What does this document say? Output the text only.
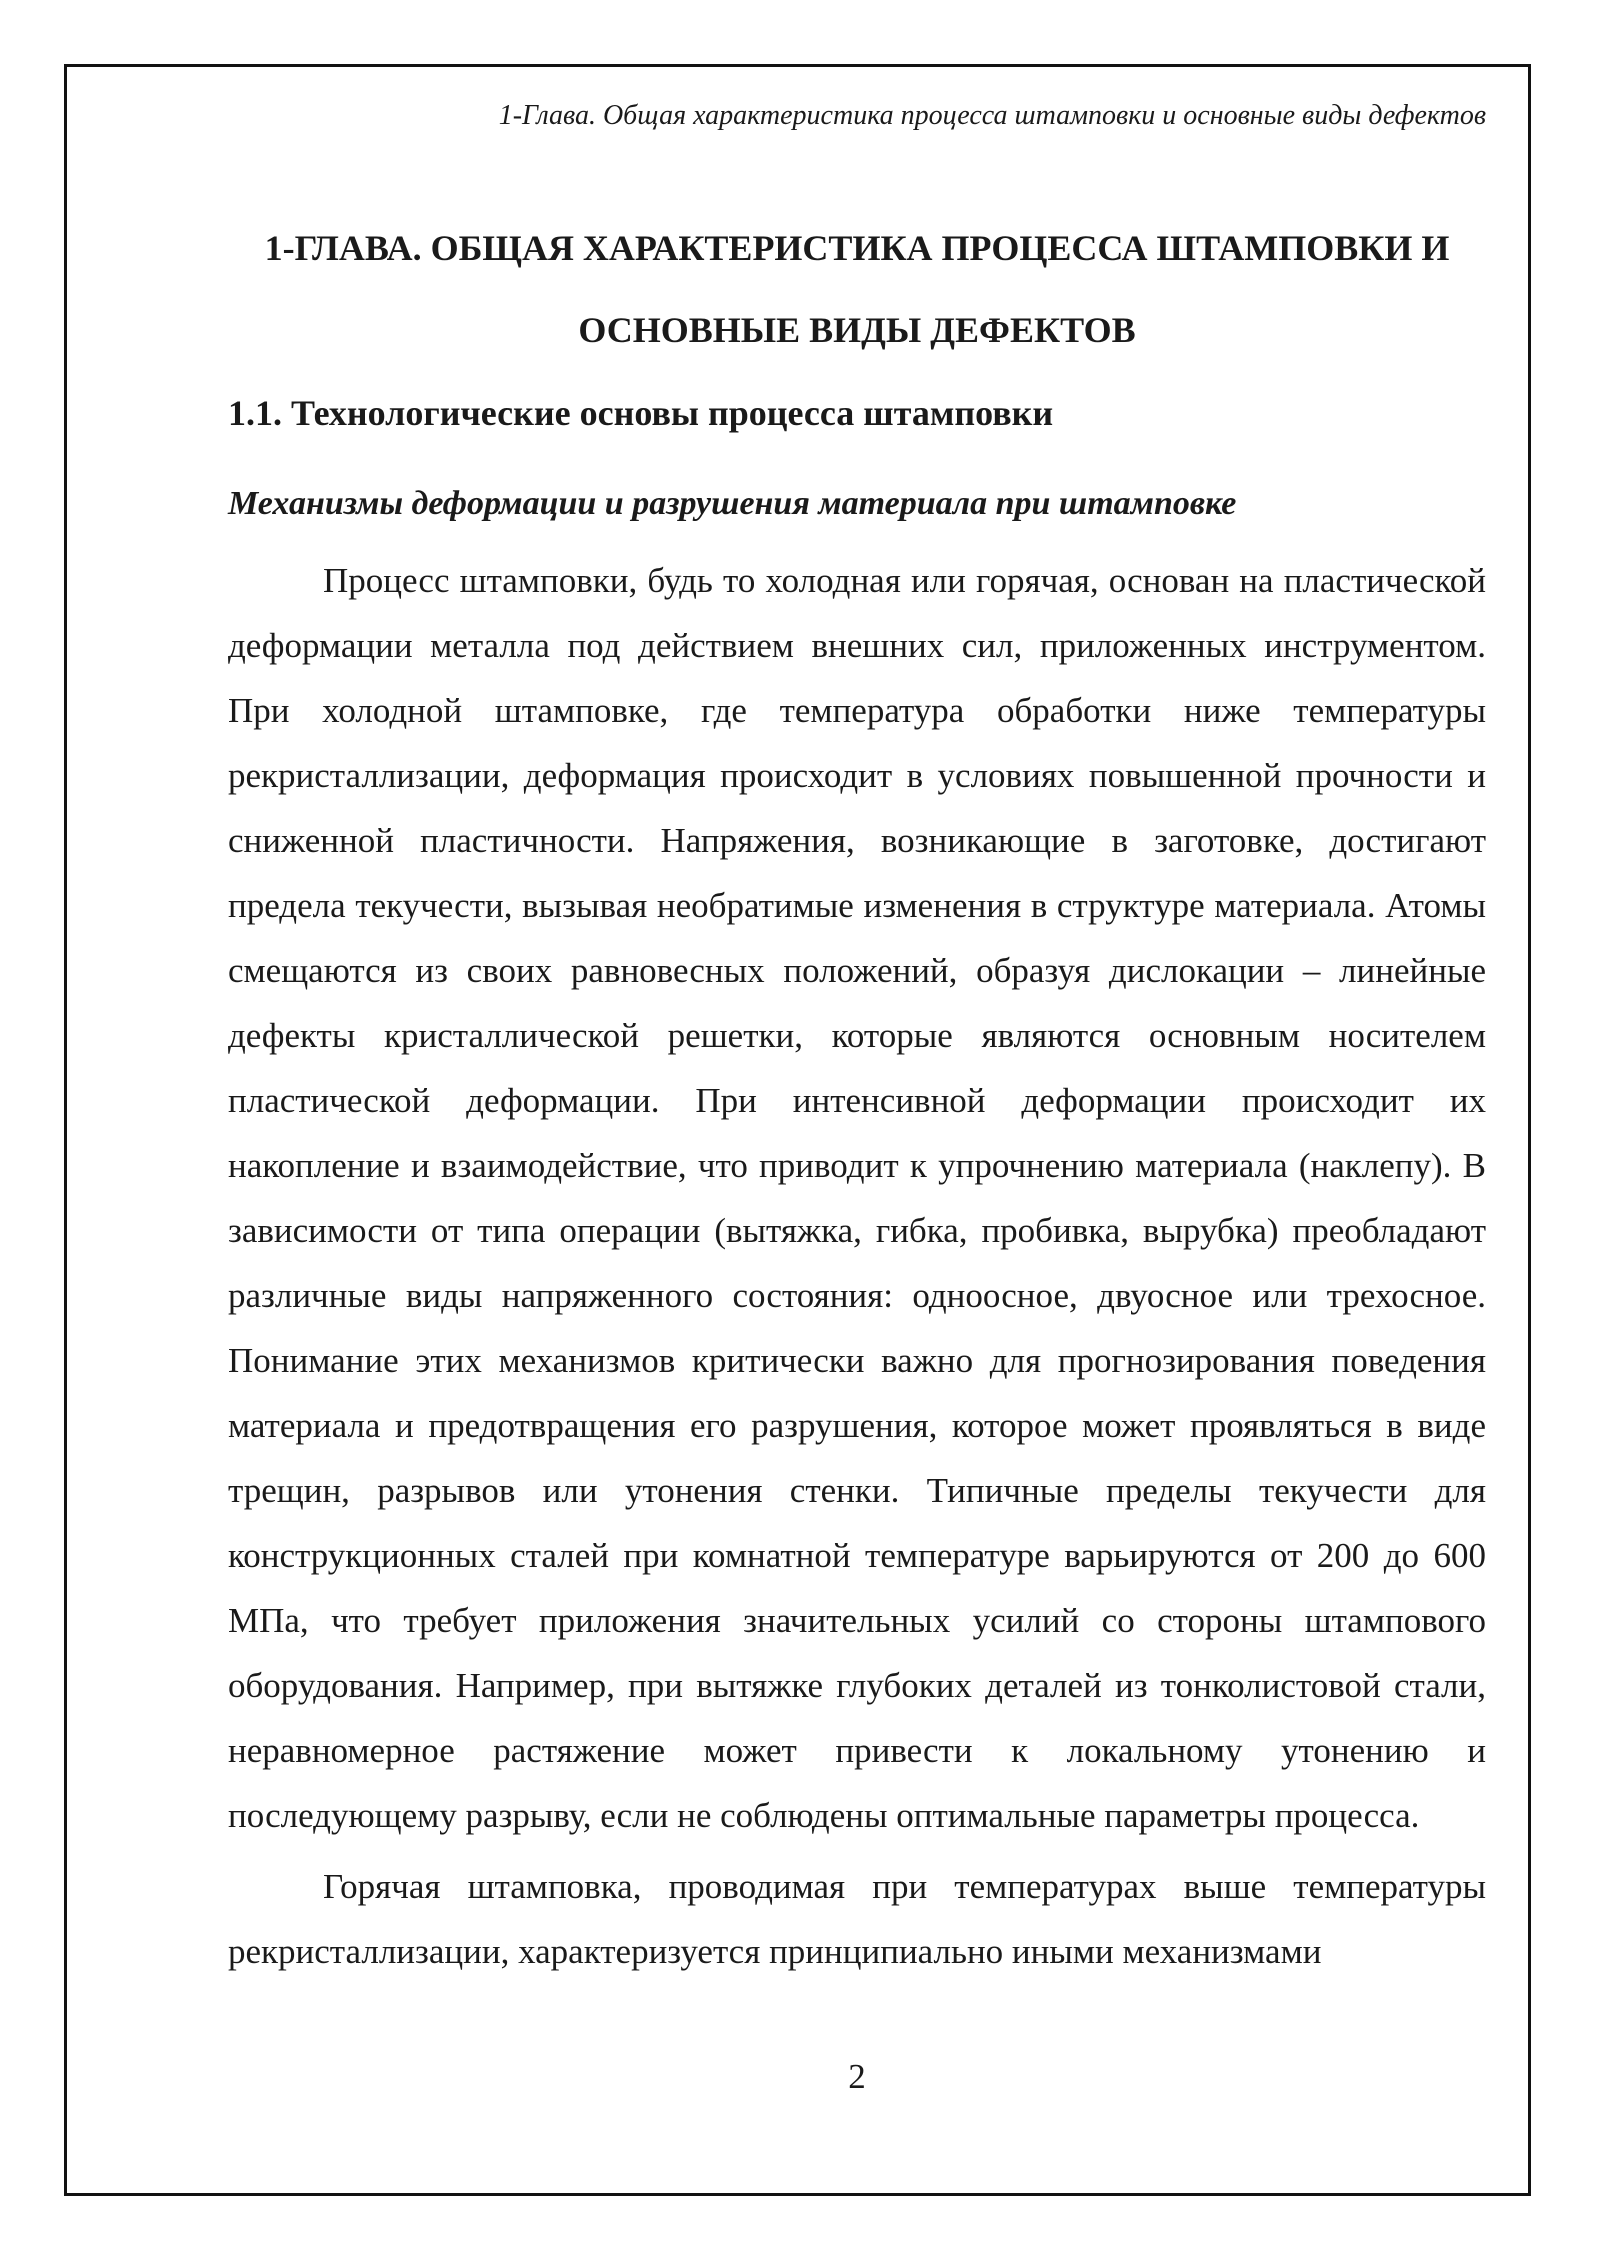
1-Глава. Общая характеристика процесса штамповки и основные виды дефектов
1-ГЛАВА. ОБЩАЯ ХАРАКТЕРИСТИКА ПРОЦЕССА ШТАМПОВКИ И ОСНОВНЫЕ ВИДЫ ДЕФЕКТОВ
1.1. Технологические основы процесса штамповки
Механизмы деформации и разрушения материала при штамповке

Процесс штамповки, будь то холодная или горячая, основан на пластической деформации металла под действием внешних сил, приложенных инструментом. При холодной штамповке, где температура обработки ниже температуры рекристаллизации, деформация происходит в условиях повышенной прочности и сниженной пластичности. Напряжения, возникающие в заготовке, достигают предела текучести, вызывая необратимые изменения в структуре материала. Атомы смещаются из своих равновесных положений, образуя дислокации – линейные дефекты кристаллической решетки, которые являются основным носителем пластической деформации. При интенсивной деформации происходит их накопление и взаимодействие, что приводит к упрочнению материала (наклепу). В зависимости от типа операции (вытяжка, гибка, пробивка, вырубка) преобладают различные виды напряженного состояния: одноосное, двуосное или трехосное. Понимание этих механизмов критически важно для прогнозирования поведения материала и предотвращения его разрушения, которое может проявляться в виде трещин, разрывов или утонения стенки. Типичные пределы текучести для конструкционных сталей при комнатной температуре варьируются от 200 до 600 МПа, что требует приложения значительных усилий со стороны штампового оборудования. Например, при вытяжке глубоких деталей из тонколистовой стали, неравномерное растяжение может привести к локальному утонению и последующему разрыву, если не соблюдены оптимальные параметры процесса.

Горячая штамповка, проводимая при температурах выше температуры рекристаллизации, характеризуется принципиально иными механизмами

2
